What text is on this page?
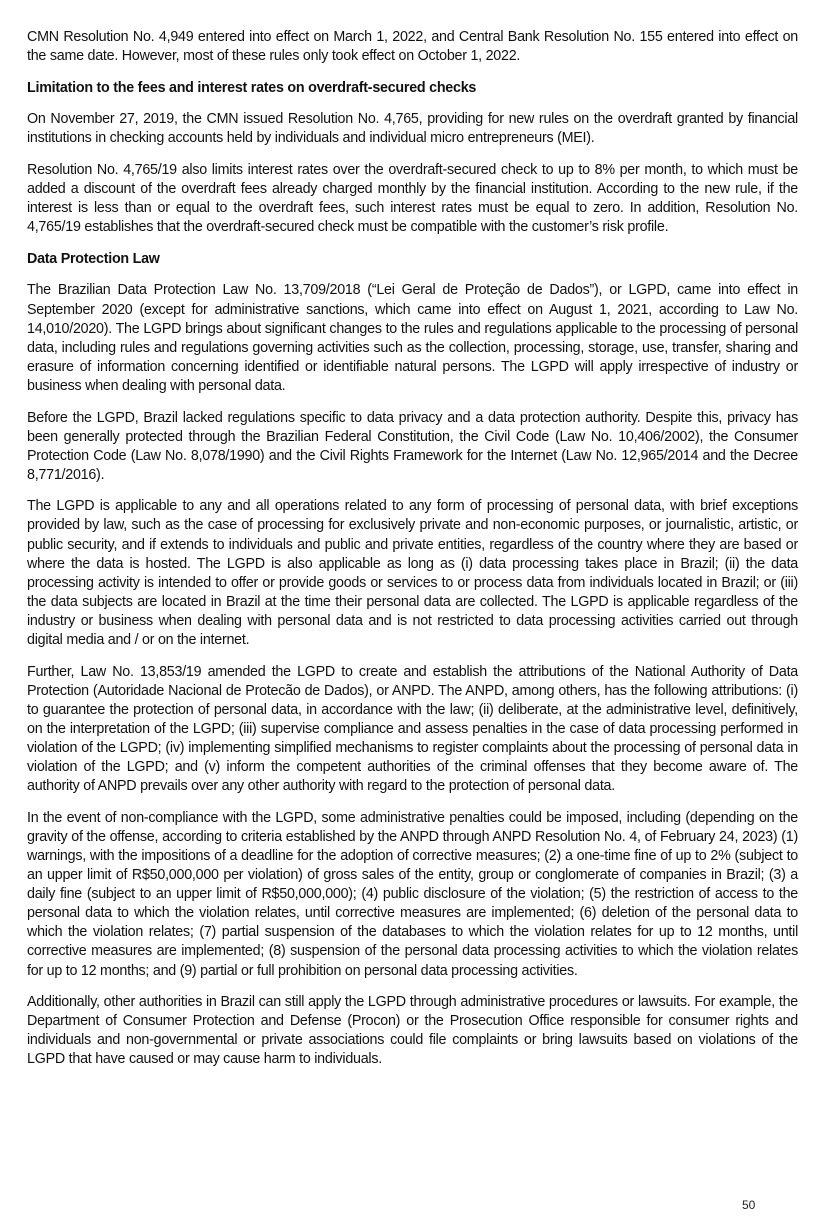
CMN Resolution No. 4,949 entered into effect on March 1, 2022, and Central Bank Resolution No. 155 entered into effect on the same date. However, most of these rules only took effect on October 1, 2022.

Limitation to the fees and interest rates on overdraft-secured checks

On November 27, 2019, the CMN issued Resolution No. 4,765, providing for new rules on the overdraft granted by financial institutions in checking accounts held by individuals and individual micro entrepreneurs (MEI).

Resolution No. 4,765/19 also limits interest rates over the overdraft-secured check to up to 8% per month, to which must be added a discount of the overdraft fees already charged monthly by the financial institution. According to the new rule, if the interest is less than or equal to the overdraft fees, such interest rates must be equal to zero. In addition, Resolution No. 4,765/19 establishes that the overdraft-secured check must be compatible with the customer’s risk profile.

Data Protection Law

The Brazilian Data Protection Law No. 13,709/2018 (“Lei Geral de Proteção de Dados”), or LGPD, came into effect in September 2020 (except for administrative sanctions, which came into effect on August 1, 2021, according to Law No. 14,010/2020). The LGPD brings about significant changes to the rules and regulations applicable to the processing of personal data, including rules and regulations governing activities such as the collection, processing, storage, use, transfer, sharing and erasure of information concerning identified or identifiable natural persons. The LGPD will apply irrespective of industry or business when dealing with personal data.

Before the LGPD, Brazil lacked regulations specific to data privacy and a data protection authority. Despite this, privacy has been generally protected through the Brazilian Federal Constitution, the Civil Code (Law No. 10,406/2002), the Consumer Protection Code (Law No. 8,078/1990) and the Civil Rights Framework for the Internet (Law No. 12,965/2014 and the Decree 8,771/2016).

The LGPD is applicable to any and all operations related to any form of processing of personal data, with brief exceptions provided by law, such as the case of processing for exclusively private and non-economic purposes, or journalistic, artistic, or public security, and if extends to individuals and public and private entities, regardless of the country where they are based or where the data is hosted. The LGPD is also applicable as long as (i) data processing takes place in Brazil; (ii) the data processing activity is intended to offer or provide goods or services to or process data from individuals located in Brazil; or (iii) the data subjects are located in Brazil at the time their personal data are collected. The LGPD is applicable regardless of the industry or business when dealing with personal data and is not restricted to data processing activities carried out through digital media and / or on the internet.

Further, Law No. 13,853/19 amended the LGPD to create and establish the attributions of the National Authority of Data Protection (Autoridade Nacional de Protecão de Dados), or ANPD. The ANPD, among others, has the following attributions: (i) to guarantee the protection of personal data, in accordance with the law; (ii) deliberate, at the administrative level, definitively, on the interpretation of the LGPD; (iii) supervise compliance and assess penalties in the case of data processing performed in violation of the LGPD; (iv) implementing simplified mechanisms to register complaints about the processing of personal data in violation of the LGPD; and (v) inform the competent authorities of the criminal offenses that they become aware of. The authority of ANPD prevails over any other authority with regard to the protection of personal data.

In the event of non-compliance with the LGPD, some administrative penalties could be imposed, including (depending on the gravity of the offense, according to criteria established by the ANPD through ANPD Resolution No. 4, of February 24, 2023) (1) warnings, with the impositions of a deadline for the adoption of corrective measures; (2) a one-time fine of up to 2% (subject to an upper limit of R$50,000,000 per violation) of gross sales of the entity, group or conglomerate of companies in Brazil; (3) a daily fine (subject to an upper limit of R$50,000,000); (4) public disclosure of the violation; (5) the restriction of access to the personal data to which the violation relates, until corrective measures are implemented; (6) deletion of the personal data to which the violation relates; (7) partial suspension of the databases to which the violation relates for up to 12 months, until corrective measures are implemented; (8) suspension of the personal data processing activities to which the violation relates for up to 12 months; and (9) partial or full prohibition on personal data processing activities.

Additionally, other authorities in Brazil can still apply the LGPD through administrative procedures or lawsuits. For example, the Department of Consumer Protection and Defense (Procon) or the Prosecution Office responsible for consumer rights and individuals and non-governmental or private associations could file complaints or bring lawsuits based on violations of the LGPD that have caused or may cause harm to individuals.

50
